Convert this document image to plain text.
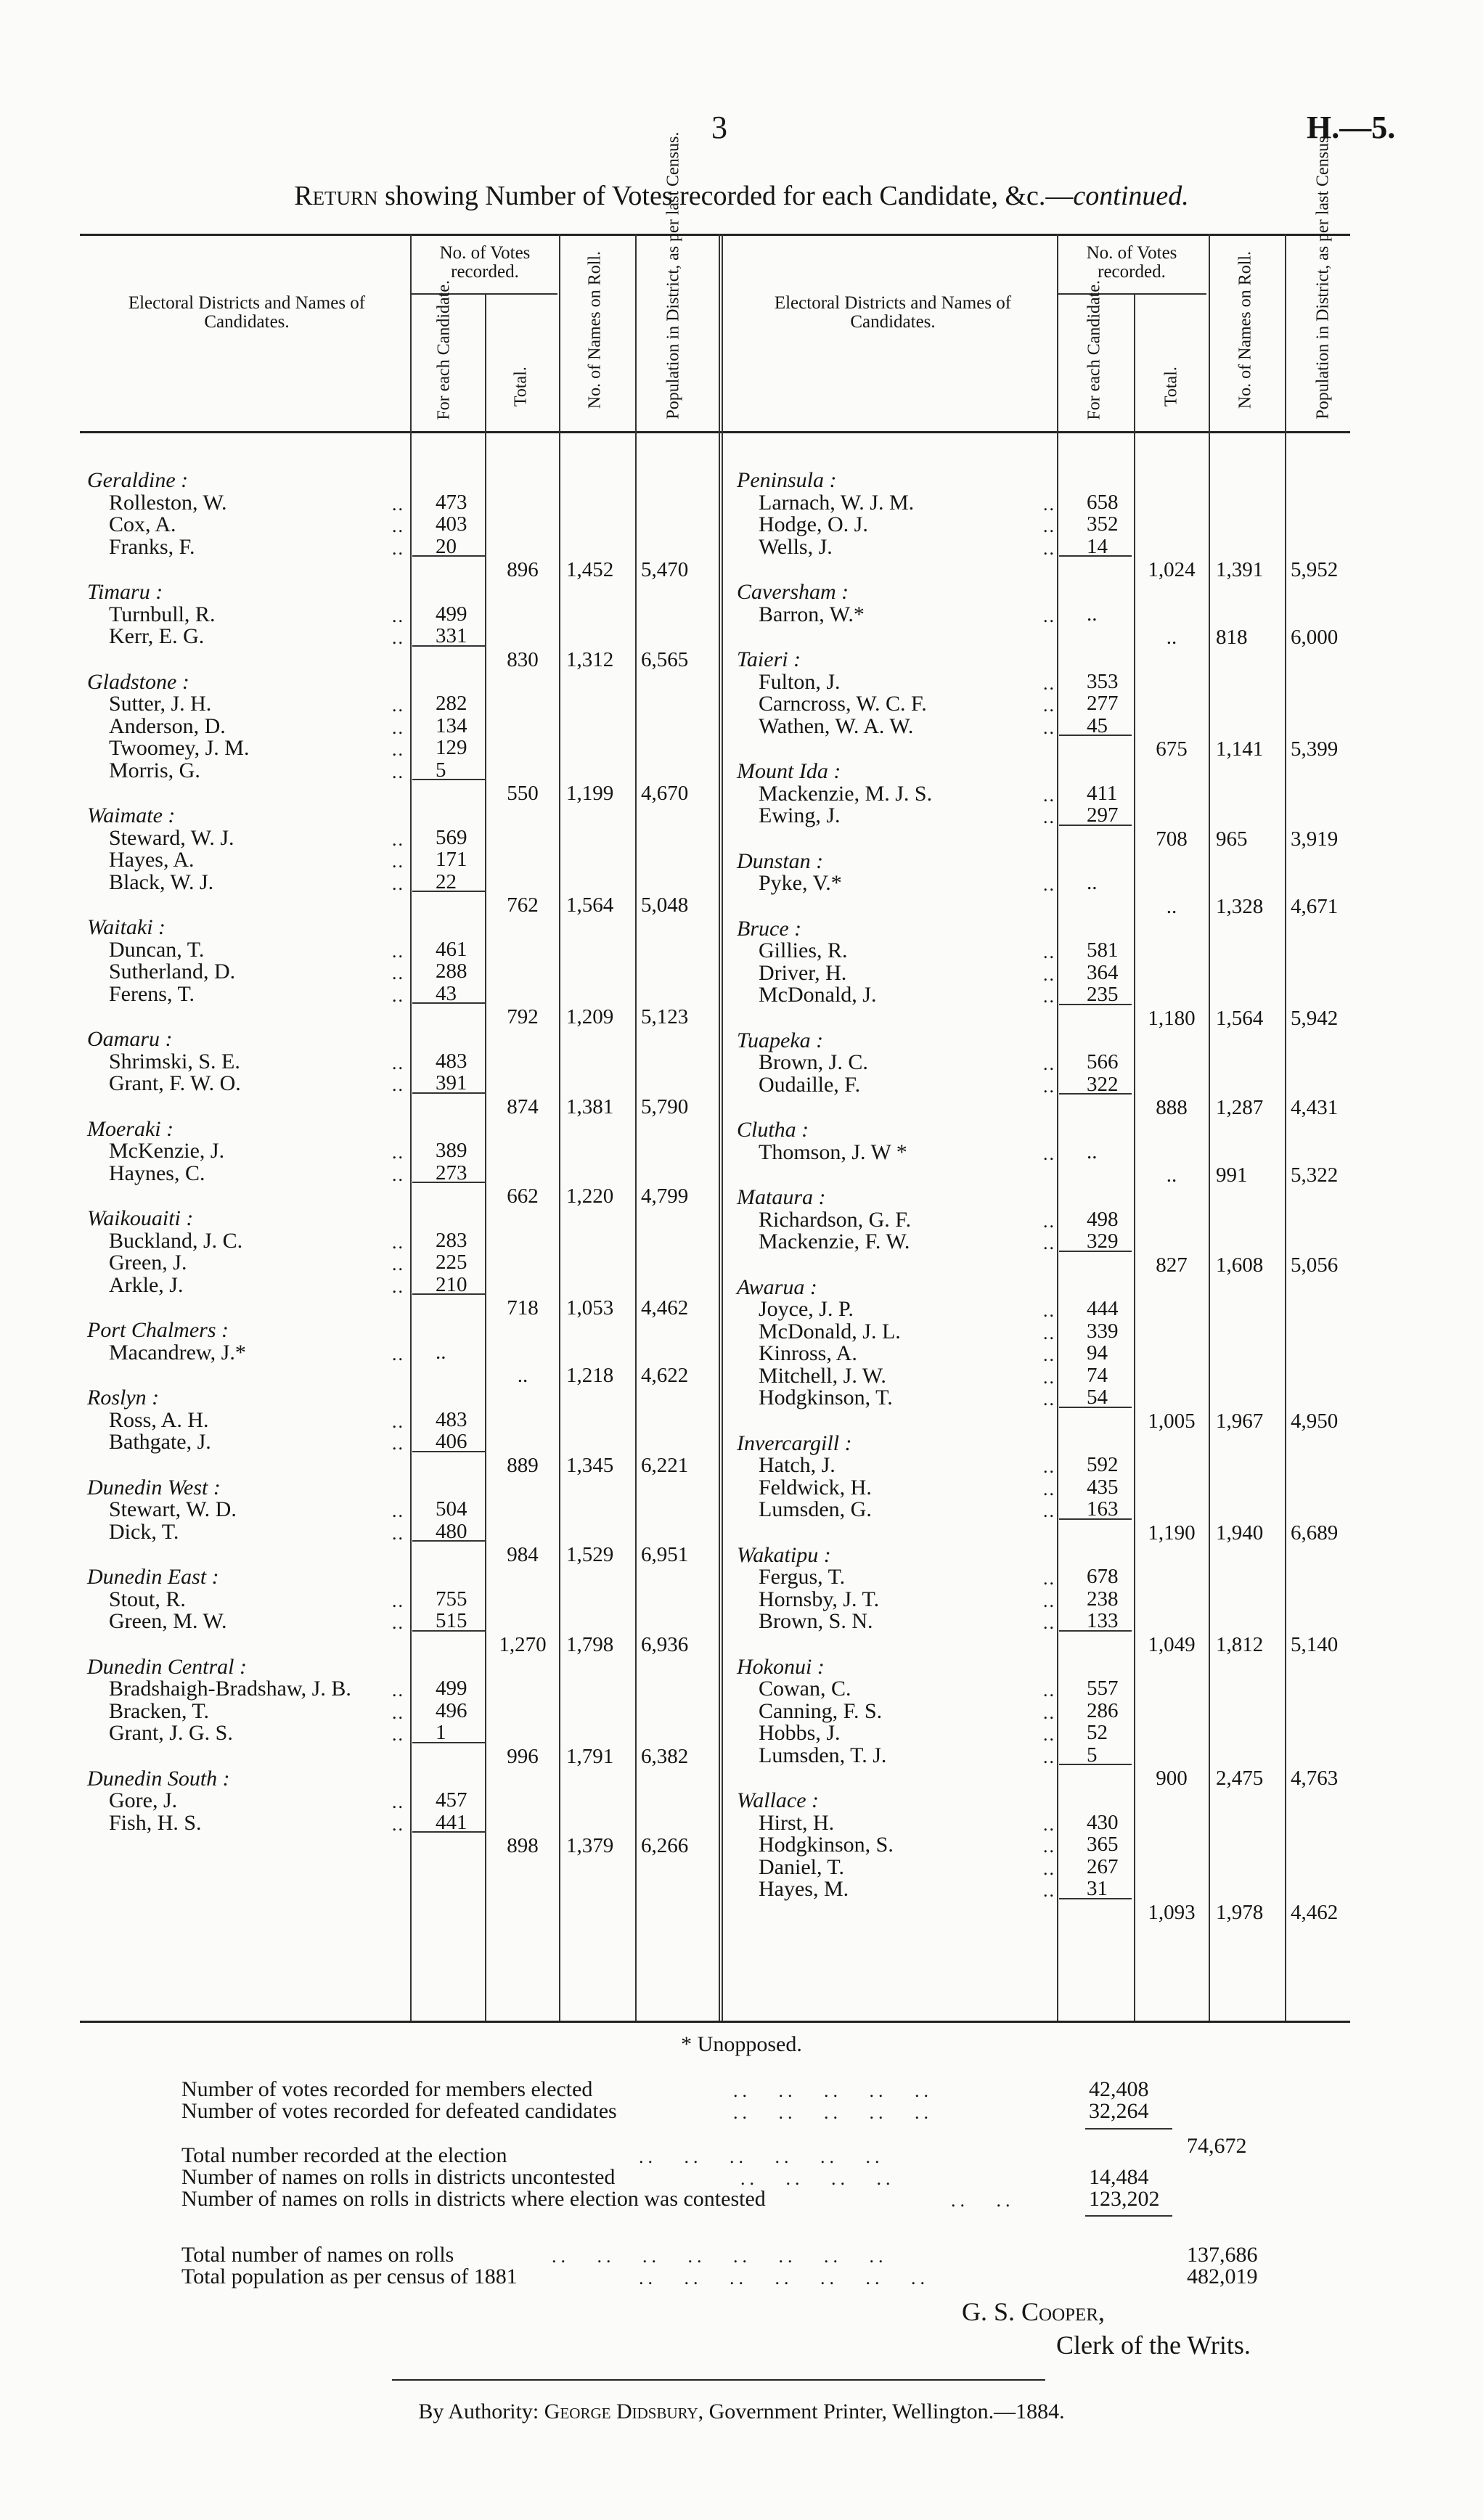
3	H.—5.
Return showing Number of Votes recorded for each Candidate, &c.—continued.
Electoral Districts and Names of Candidates.
No. of Votes recorded.
For each Candidate.	Total.	No. of Names on Roll.	Population in District, as per last Census.	Electoral Districts and Names of Candidates.
No. of Votes recorded.
For each Candidate.	Total.	No. of Names on Roll.	Population in District, as per last Census.
Geraldine :
Rolleston, W.	.. 473
Cox, A.	.. 403
Franks, F.	.. 20
896	1,452 5,470
Timaru :
Turnbull, R.	.. 499
Kerr, E. G.	.. 331
830	1,312 6,565
Gladstone :
Sutter, J. H.	.. 282
Anderson, D.	.. 134
Twoomey, J. M.	.. 129
Morris, G.	.. 5
550	1,199 4,670
Waimate :
Steward, W. J.	.. 569
Hayes, A.	.. 171
Black, W. J.	.. 22
762	1,564 5,048
Waitaki :
Duncan, T.	.. 461
Sutherland, D.	.. 288
Ferens, T.	.. 43
792	1,209 5,123
Oamaru :
Shrimski, S. E.	.. 483
Grant, F. W. O.	.. 391
874	1,381 5,790
Moeraki :
McKenzie, J.	.. 389
Haynes, C.	.. 273
662	1,220 4,799
Waikouaiti :
Buckland, J. C.	.. 283
Green, J.	.. 225
Arkle, J.	.. 210
718	1,053 4,462
Port Chalmers :
Macandrew, J.*	.. ..
..	1,218 4,622
Roslyn :
Ross, A. H.	.. 483
Bathgate, J.	.. 406
889	1,345 6,221
Dunedin West :
Stewart, W. D.	.. 504
Dick, T.	.. 480
984	1,529 6,951
Dunedin East :
Stout, R.	.. 755
Green, M. W.	.. 515
1,270 1,798 6,936
Dunedin Central :
Bradshaigh-Bradshaw, J. B. .. 499
Bracken, T.	.. 496
Grant, J. G. S.	.. 1
996	1,791 6,382
Dunedin South :
Gore, J.	.. 457
Fish, H. S.	.. 441
898	1,379 6,266
Peninsula :
Larnach, W. J. M.	.. 658
Hodge, O. J.	.. 352
Wells, J.	.. 14
1,024 1,391 5,952
Caversham :
Barron, W.*	.. ..
..	818 6,000
Taieri :
Fulton, J.	.. 353
Carncross, W. C. F.	.. 277
Wathen, W. A. W.	.. 45
675	1,141 5,399
Mount Ida :
Mackenzie, M. J. S.	.. 411
Ewing, J.	.. 297
708	965 3,919
Dunstan :
Pyke, V.*	.. ..
..	1,328 4,671
Bruce :
Gillies, R.	.. 581
Driver, H.	.. 364
McDonald, J.	.. 235
1,180 1,564 5,942
Tuapeka :
Brown, J. C.	.. 566
Oudaille, F.	.. 322
888	1,287 4,431
Clutha :
Thomson, J. W *	.. ..
..	991 5,322
Mataura :
Richardson, G. F.	.. 498
Mackenzie, F. W.	.. 329
827	1,608 5,056
Awarua :
Joyce, J. P.	.. 444
McDonald, J. L.	.. 339
Kinross, A.	.. 94
Mitchell, J. W.	.. 74
Hodgkinson, T.	.. 54
1,005 1,967 4,950
Invercargill :
Hatch, J.	.. 592
Feldwick, H.	.. 435
Lumsden, G.	.. 163
1,190 1,940 6,689
Wakatipu :
Fergus, T.	.. 678
Hornsby, J. T.	.. 238
Brown, S. N.	.. 133
1,049 1,812 5,140
Hokonui :
Cowan, C.	.. 557
Canning, F. S.	.. 286
Hobbs, J.	.. 52
Lumsden, T. J.	.. 5
900	2,475 4,763
Wallace :
Hirst, H.	.. 430
Hodgkinson, S.	.. 365
Daniel, T.	.. 267
Hayes, M.	.. 31
1,093 1,978 4,462
* Unopposed.
Number of votes recorded for members elected	..   ..   ..   ..   ..	42,408
Number of votes recorded for defeated candidates	..   ..   ..   ..   ..	32,264
Total number recorded at the election	..   ..   ..   ..   ..   ..	74,672
Number of names on rolls in districts uncontested	..   ..   ..   ..	14,484
Number of names on rolls in districts where election was contested	..   ..	123,202
Total number of names on rolls	..   ..   ..   ..   ..   ..   ..   ..	137,686
Total population as per census of 1881	..   ..   ..   ..   ..   ..   ..	482,019
G. S. Cooper,
Clerk of the Writs.
By Authority: George Didsbury, Government Printer, Wellington.—1884.
